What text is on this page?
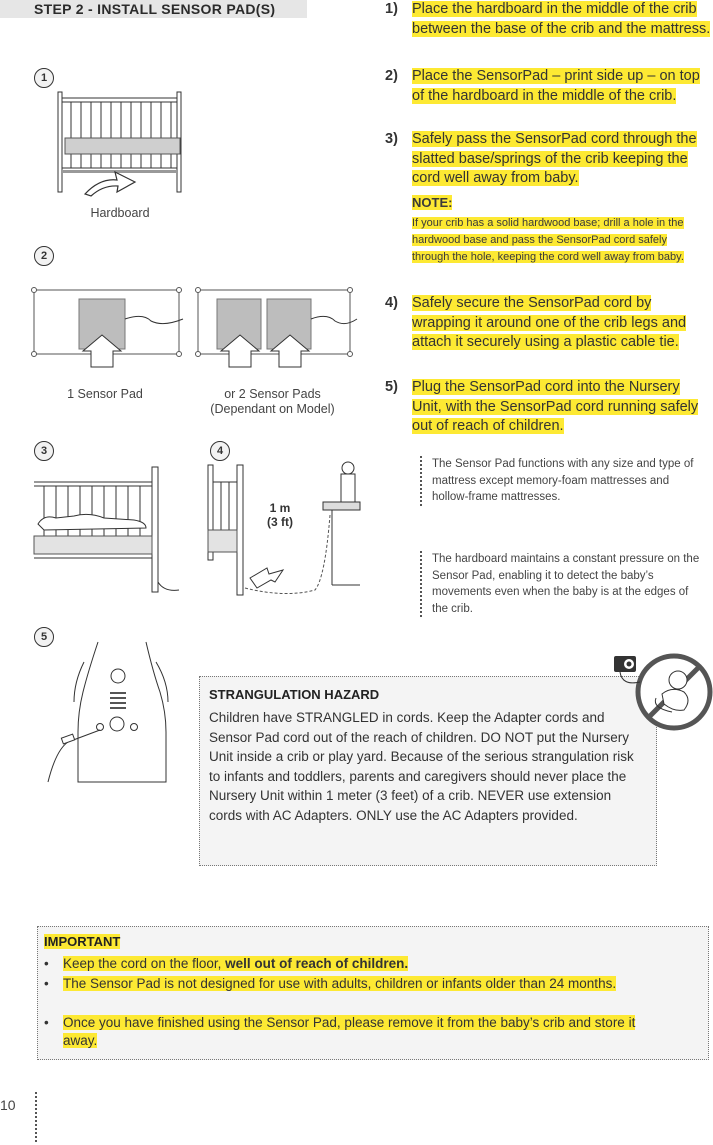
STEP 2 - INSTALL SENSOR PAD(S)
1
Hardboard
2
1 Sensor Pad	or 2 Sensor Pads
(Dependant on Model)
3	4
1 m
(3 ft)
5
1) Place the hardboard in the middle of the crib between the base of the crib and the mattress.
2) Place the SensorPad – print side up – on top of the hardboard in the middle of the crib.
3) Safely pass the SensorPad cord through the slatted base/springs of the crib keeping the cord well away from baby.
NOTE:
If your crib has a solid hardwood base; drill a hole in the hardwood base and pass the SensorPad cord safely through the hole, keeping the cord well away from baby.
4) Safely secure the SensorPad cord by wrapping it around one of the crib legs and attach it securely using a plastic cable tie.
5) Plug the SensorPad cord into the Nursery Unit, with the SensorPad cord running safely out of reach of children.
The Sensor Pad functions with any size and type of mattress except memory-foam mattresses and hollow-frame mattresses.
The hardboard maintains a constant pressure on the Sensor Pad, enabling it to detect the baby’s movements even when the baby is at the edges of the crib.
STRANGULATION HAZARD
Children have STRANGLED in cords. Keep the Adapter cords and Sensor Pad cord out of the reach of children. DO NOT put the Nursery Unit inside a crib or play yard. Because of the serious strangulation risk to infants and toddlers, parents and caregivers should never place the Nursery Unit within 1 meter (3 feet) of a crib. NEVER use extension cords with AC Adapters. ONLY use the AC Adapters provided.
IMPORTANT
• Keep the cord on the floor, well out of reach of children.
• The Sensor Pad is not designed for use with adults, children or infants older than 24 months.
• Once you have finished using the Sensor Pad, please remove it from the baby’s crib and store it away.
10
